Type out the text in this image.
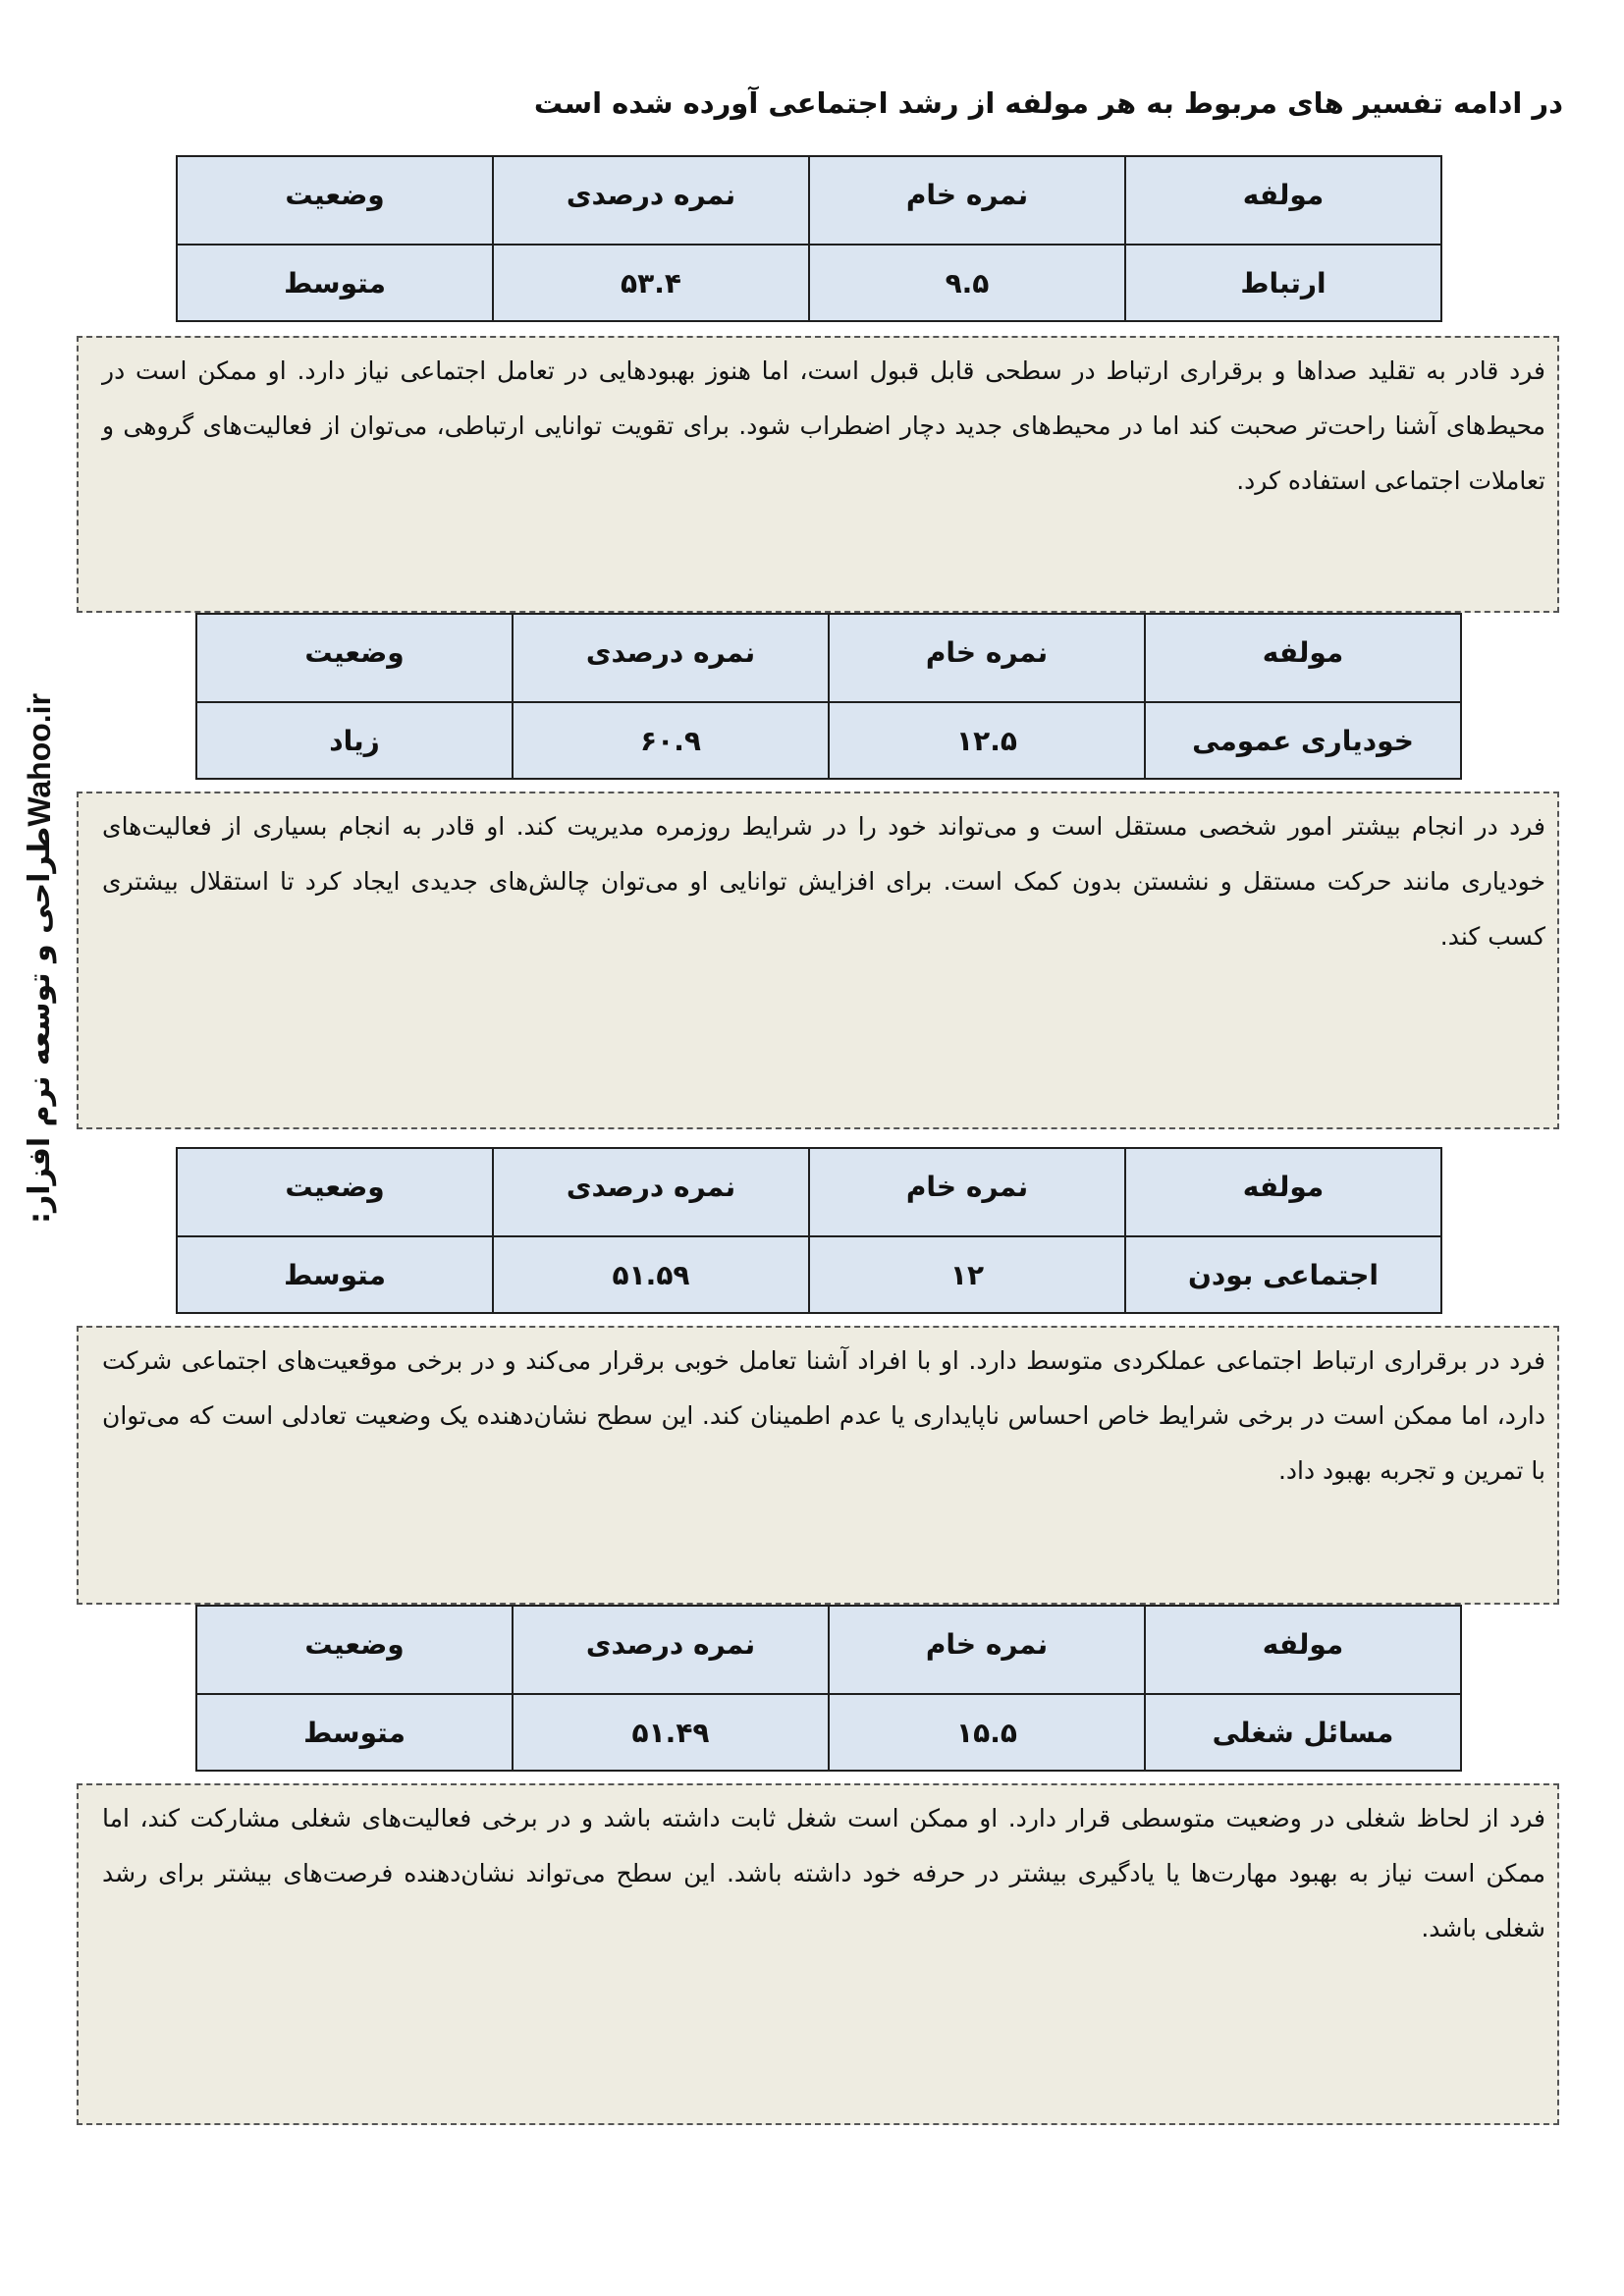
در ادامه تفسیر های مربوط به هر مولفه از رشد اجتماعی آورده شده است
مولفه	نمره خام	نمره درصدی	وضعیت
ارتباط	۹.۵	۵۳.۴	متوسط
فرد قادر به تقلید صداها و برقراری ارتباط در سطحی قابل قبول است، اما هنوز بهبودهایی در تعامل اجتماعی نیاز دارد. او ممکن است در محیط‌های آشنا راحت‌تر صحبت کند اما در محیط‌های جدید دچار اضطراب شود. برای تقویت توانایی ارتباطی، می‌توان از فعالیت‌های گروهی و تعاملات اجتماعی استفاده کرد.
مولفه	نمره خام	نمره درصدی	وضعیت
خودیاری عمومی	۱۲.۵	۶۰.۹	زیاد
فرد در انجام بیشتر امور شخصی مستقل است و می‌تواند خود را در شرایط روزمره مدیریت کند. او قادر به انجام بسیاری از فعالیت‌های خودیاری مانند حرکت مستقل و نشستن بدون کمک است. برای افزایش توانایی او می‌توان چالش‌های جدیدی ایجاد کرد تا استقلال بیشتری کسب کند.
مولفه	نمره خام	نمره درصدی	وضعیت
اجتماعی بودن	۱۲	۵۱.۵۹	متوسط
فرد در برقراری ارتباط اجتماعی عملکردی متوسط دارد. او با افراد آشنا تعامل خوبی برقرار می‌کند و در برخی موقعیت‌های اجتماعی شرکت دارد، اما ممکن است در برخی شرایط خاص احساس ناپایداری یا عدم اطمینان کند. این سطح نشان‌دهنده یک وضعیت تعادلی است که می‌توان با تمرین و تجربه بهبود داد.
مولفه	نمره خام	نمره درصدی	وضعیت
مسائل شغلی	۱۵.۵	۵۱.۴۹	متوسط
فرد از لحاظ شغلی در وضعیت متوسطی قرار دارد. او ممکن است شغل ثابت داشته باشد و در برخی فعالیت‌های شغلی مشارکت کند، اما ممکن است نیاز به بهبود مهارت‌ها یا یادگیری بیشتر در حرفه خود داشته باشد. این سطح می‌تواند نشان‌دهنده فرصت‌های بیشتر برای رشد شغلی باشد.
طراحی و توسعه نرم افزار:
Wahoo.ir
